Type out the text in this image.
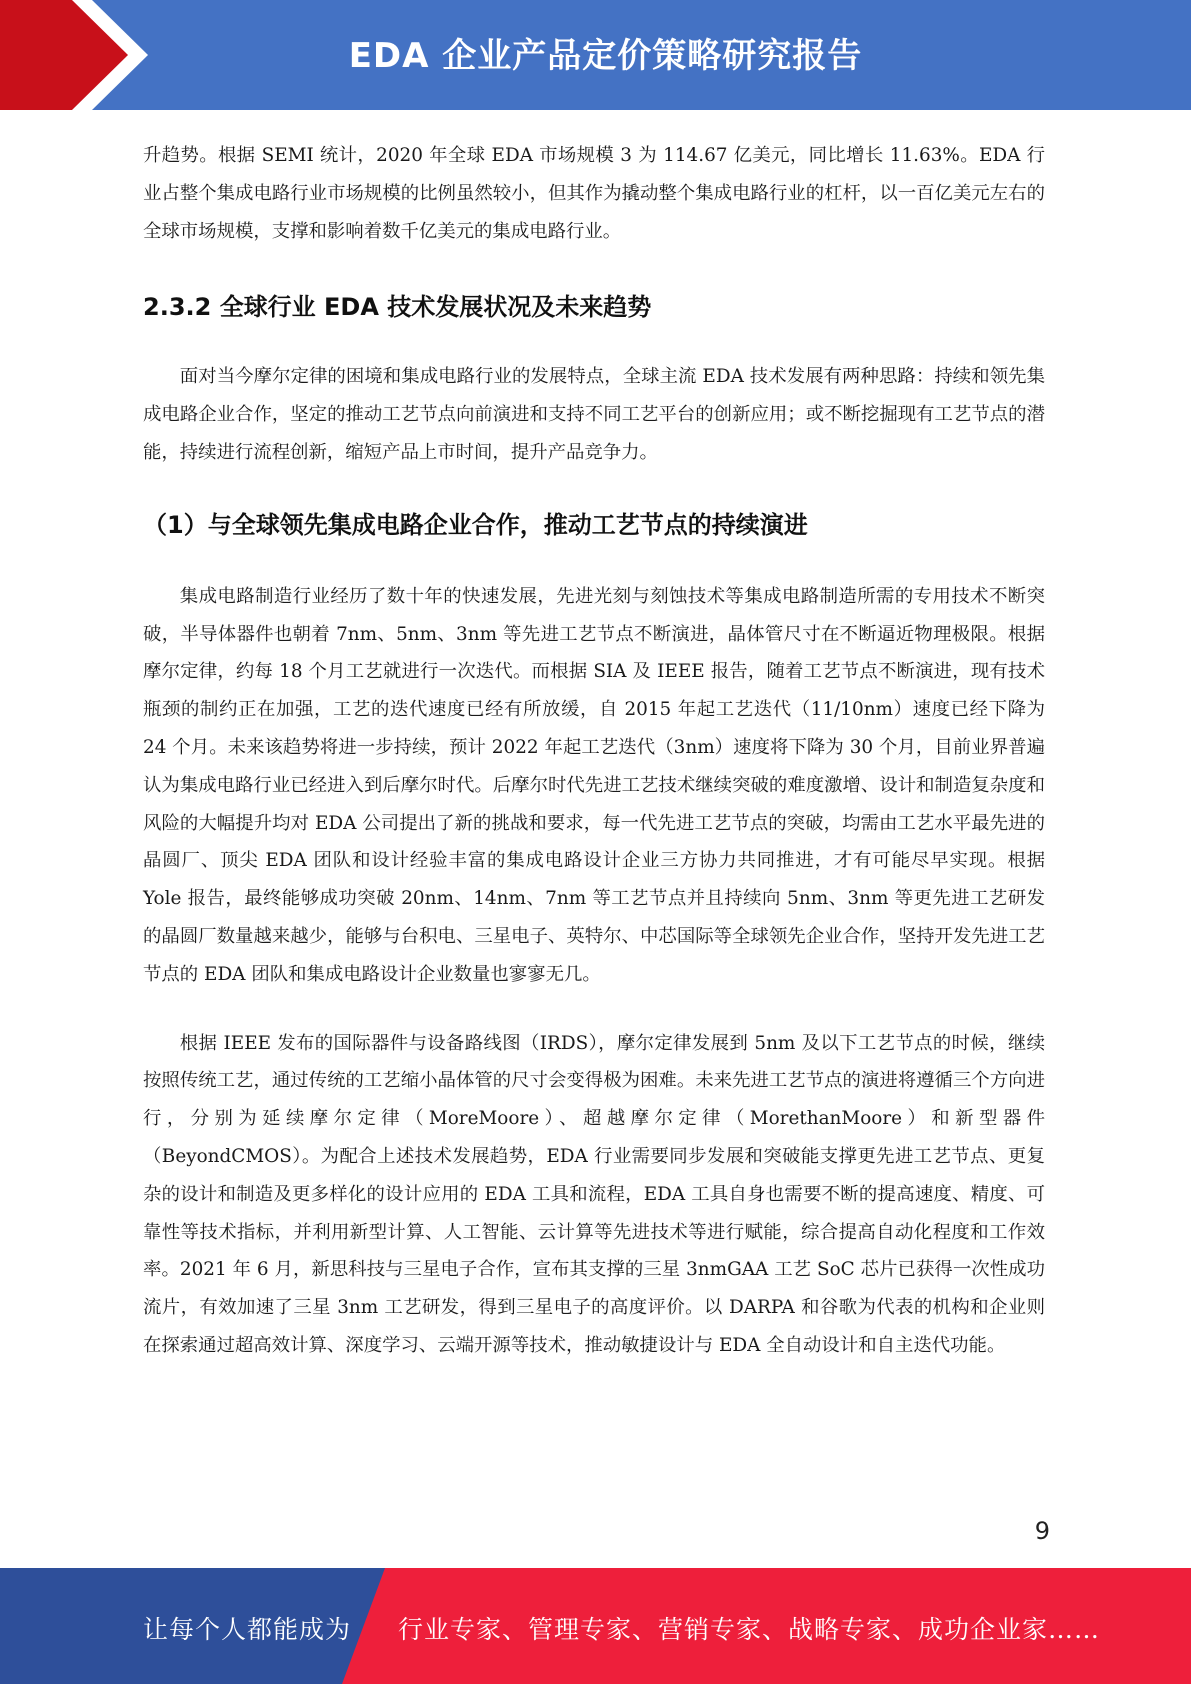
EDA 企业产品定价策略研究报告

升趋势。根据 SEMI 统计，2020 年全球 EDA 市场规模 3 为 114.67 亿美元，同比增长 11.63%。EDA 行业占整个集成电路行业市场规模的比例虽然较小，但其作为撬动整个集成电路行业的杠杆，以一百亿美元左右的全球市场规模，支撑和影响着数千亿美元的集成电路行业。

2.3.2 全球行业 EDA 技术发展状况及未来趋势

面对当今摩尔定律的困境和集成电路行业的发展特点，全球主流 EDA 技术发展有两种思路：持续和领先集成电路企业合作，坚定的推动工艺节点向前演进和支持不同工艺平台的创新应用；或不断挖掘现有工艺节点的潜能，持续进行流程创新，缩短产品上市时间，提升产品竞争力。

（1）与全球领先集成电路企业合作，推动工艺节点的持续演进

集成电路制造行业经历了数十年的快速发展，先进光刻与刻蚀技术等集成电路制造所需的专用技术不断突破，半导体器件也朝着 7nm、5nm、3nm 等先进工艺节点不断演进，晶体管尺寸在不断逼近物理极限。根据摩尔定律，约每 18 个月工艺就进行一次迭代。而根据 SIA 及 IEEE 报告，随着工艺节点不断演进，现有技术瓶颈的制约正在加强，工艺的迭代速度已经有所放缓，自 2015 年起工艺迭代（11/10nm）速度已经下降为 24 个月。未来该趋势将进一步持续，预计 2022 年起工艺迭代（3nm）速度将下降为 30 个月，目前业界普遍认为集成电路行业已经进入到后摩尔时代。后摩尔时代先进工艺技术继续突破的难度激增、设计和制造复杂度和风险的大幅提升均对 EDA 公司提出了新的挑战和要求，每一代先进工艺节点的突破，均需由工艺水平最先进的晶圆厂、顶尖 EDA 团队和设计经验丰富的集成电路设计企业三方协力共同推进，才有可能尽早实现。根据 Yole 报告，最终能够成功突破 20nm、14nm、7nm 等工艺节点并且持续向 5nm、3nm 等更先进工艺研发的晶圆厂数量越来越少，能够与台积电、三星电子、英特尔、中芯国际等全球领先企业合作，坚持开发先进工艺节点的 EDA 团队和集成电路设计企业数量也寥寥无几。

根据 IEEE 发布的国际器件与设备路线图（IRDS），摩尔定律发展到 5nm 及以下工艺节点的时候，继续按照传统工艺，通过传统的工艺缩小晶体管的尺寸会变得极为困难。未来先进工艺节点的演进将遵循三个方向进行，分别为延续摩尔定律（MoreMoore）、超越摩尔定律（MorethanMoore）和新型器件（BeyondCMOS）。为配合上述技术发展趋势，EDA 行业需要同步发展和突破能支撑更先进工艺节点、更复杂的设计和制造及更多样化的设计应用的 EDA 工具和流程，EDA 工具自身也需要不断的提高速度、精度、可靠性等技术指标，并利用新型计算、人工智能、云计算等先进技术等进行赋能，综合提高自动化程度和工作效率。2021 年 6 月，新思科技与三星电子合作，宣布其支撑的三星 3nmGAA 工艺 SoC 芯片已获得一次性成功流片，有效加速了三星 3nm 工艺研发，得到三星电子的高度评价。以 DARPA 和谷歌为代表的机构和企业则在探索通过超高效计算、深度学习、云端开源等技术，推动敏捷设计与 EDA 全自动设计和自主迭代功能。

9
让每个人都能成为 行业专家、管理专家、营销专家、战略专家、成功企业家……
